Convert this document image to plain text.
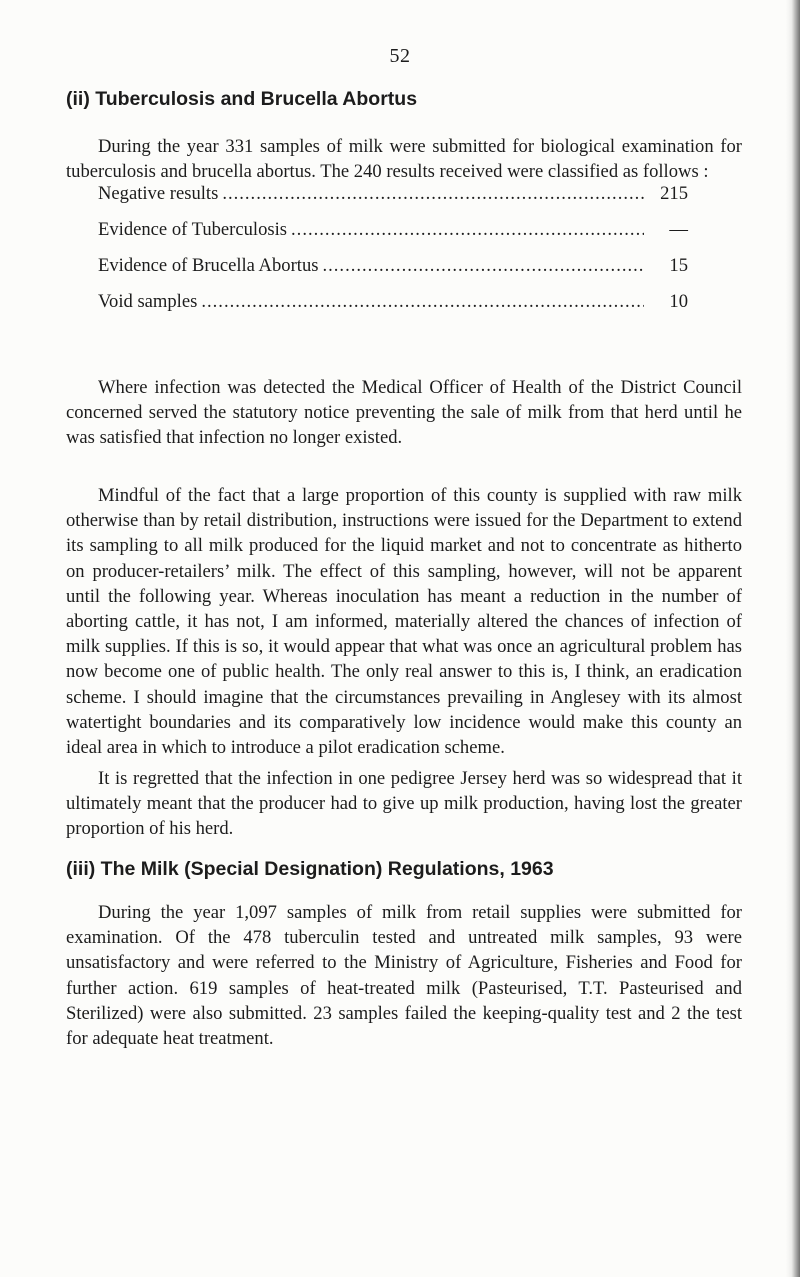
52
(ii) Tuberculosis and Brucella Abortus

During the year 331 samples of milk were submitted for biological examination for tuberculosis and brucella abortus. The 240 results received were classified as follows :

Negative results .....	215
Evidence of Tuberculosis .....	—
Evidence of Brucella Abortus .....	15
Void samples .....	10

Where infection was detected the Medical Officer of Health of the District Council concerned served the statutory notice preventing the sale of milk from that herd until he was satisfied that infection no longer existed.

Mindful of the fact that a large proportion of this county is supplied with raw milk otherwise than by retail distribution, instructions were issued for the Department to extend its sampling to all milk produced for the liquid market and not to concentrate as hitherto on producer-retailers’ milk. The effect of this sampling, however, will not be apparent until the following year. Whereas inoculation has meant a reduction in the number of aborting cattle, it has not, I am informed, materially altered the chances of infection of milk supplies. If this is so, it would appear that what was once an agricultural problem has now become one of public health. The only real answer to this is, I think, an eradication scheme. I should imagine that the circumstances prevailing in Anglesey with its almost watertight boundaries and its comparatively low incidence would make this county an ideal area in which to introduce a pilot eradication scheme.

It is regretted that the infection in one pedigree Jersey herd was so widespread that it ultimately meant that the producer had to give up milk production, having lost the greater proportion of his herd.

(iii) The Milk (Special Designation) Regulations, 1963

During the year 1,097 samples of milk from retail supplies were submitted for examination. Of the 478 tuberculin tested and untreated milk samples, 93 were unsatisfactory and were referred to the Ministry of Agriculture, Fisheries and Food for further action. 619 samples of heat-treated milk (Pasteurised, T.T. Pasteurised and Sterilized) were also submitted. 23 samples failed the keeping-quality test and 2 the test for adequate heat treatment.
